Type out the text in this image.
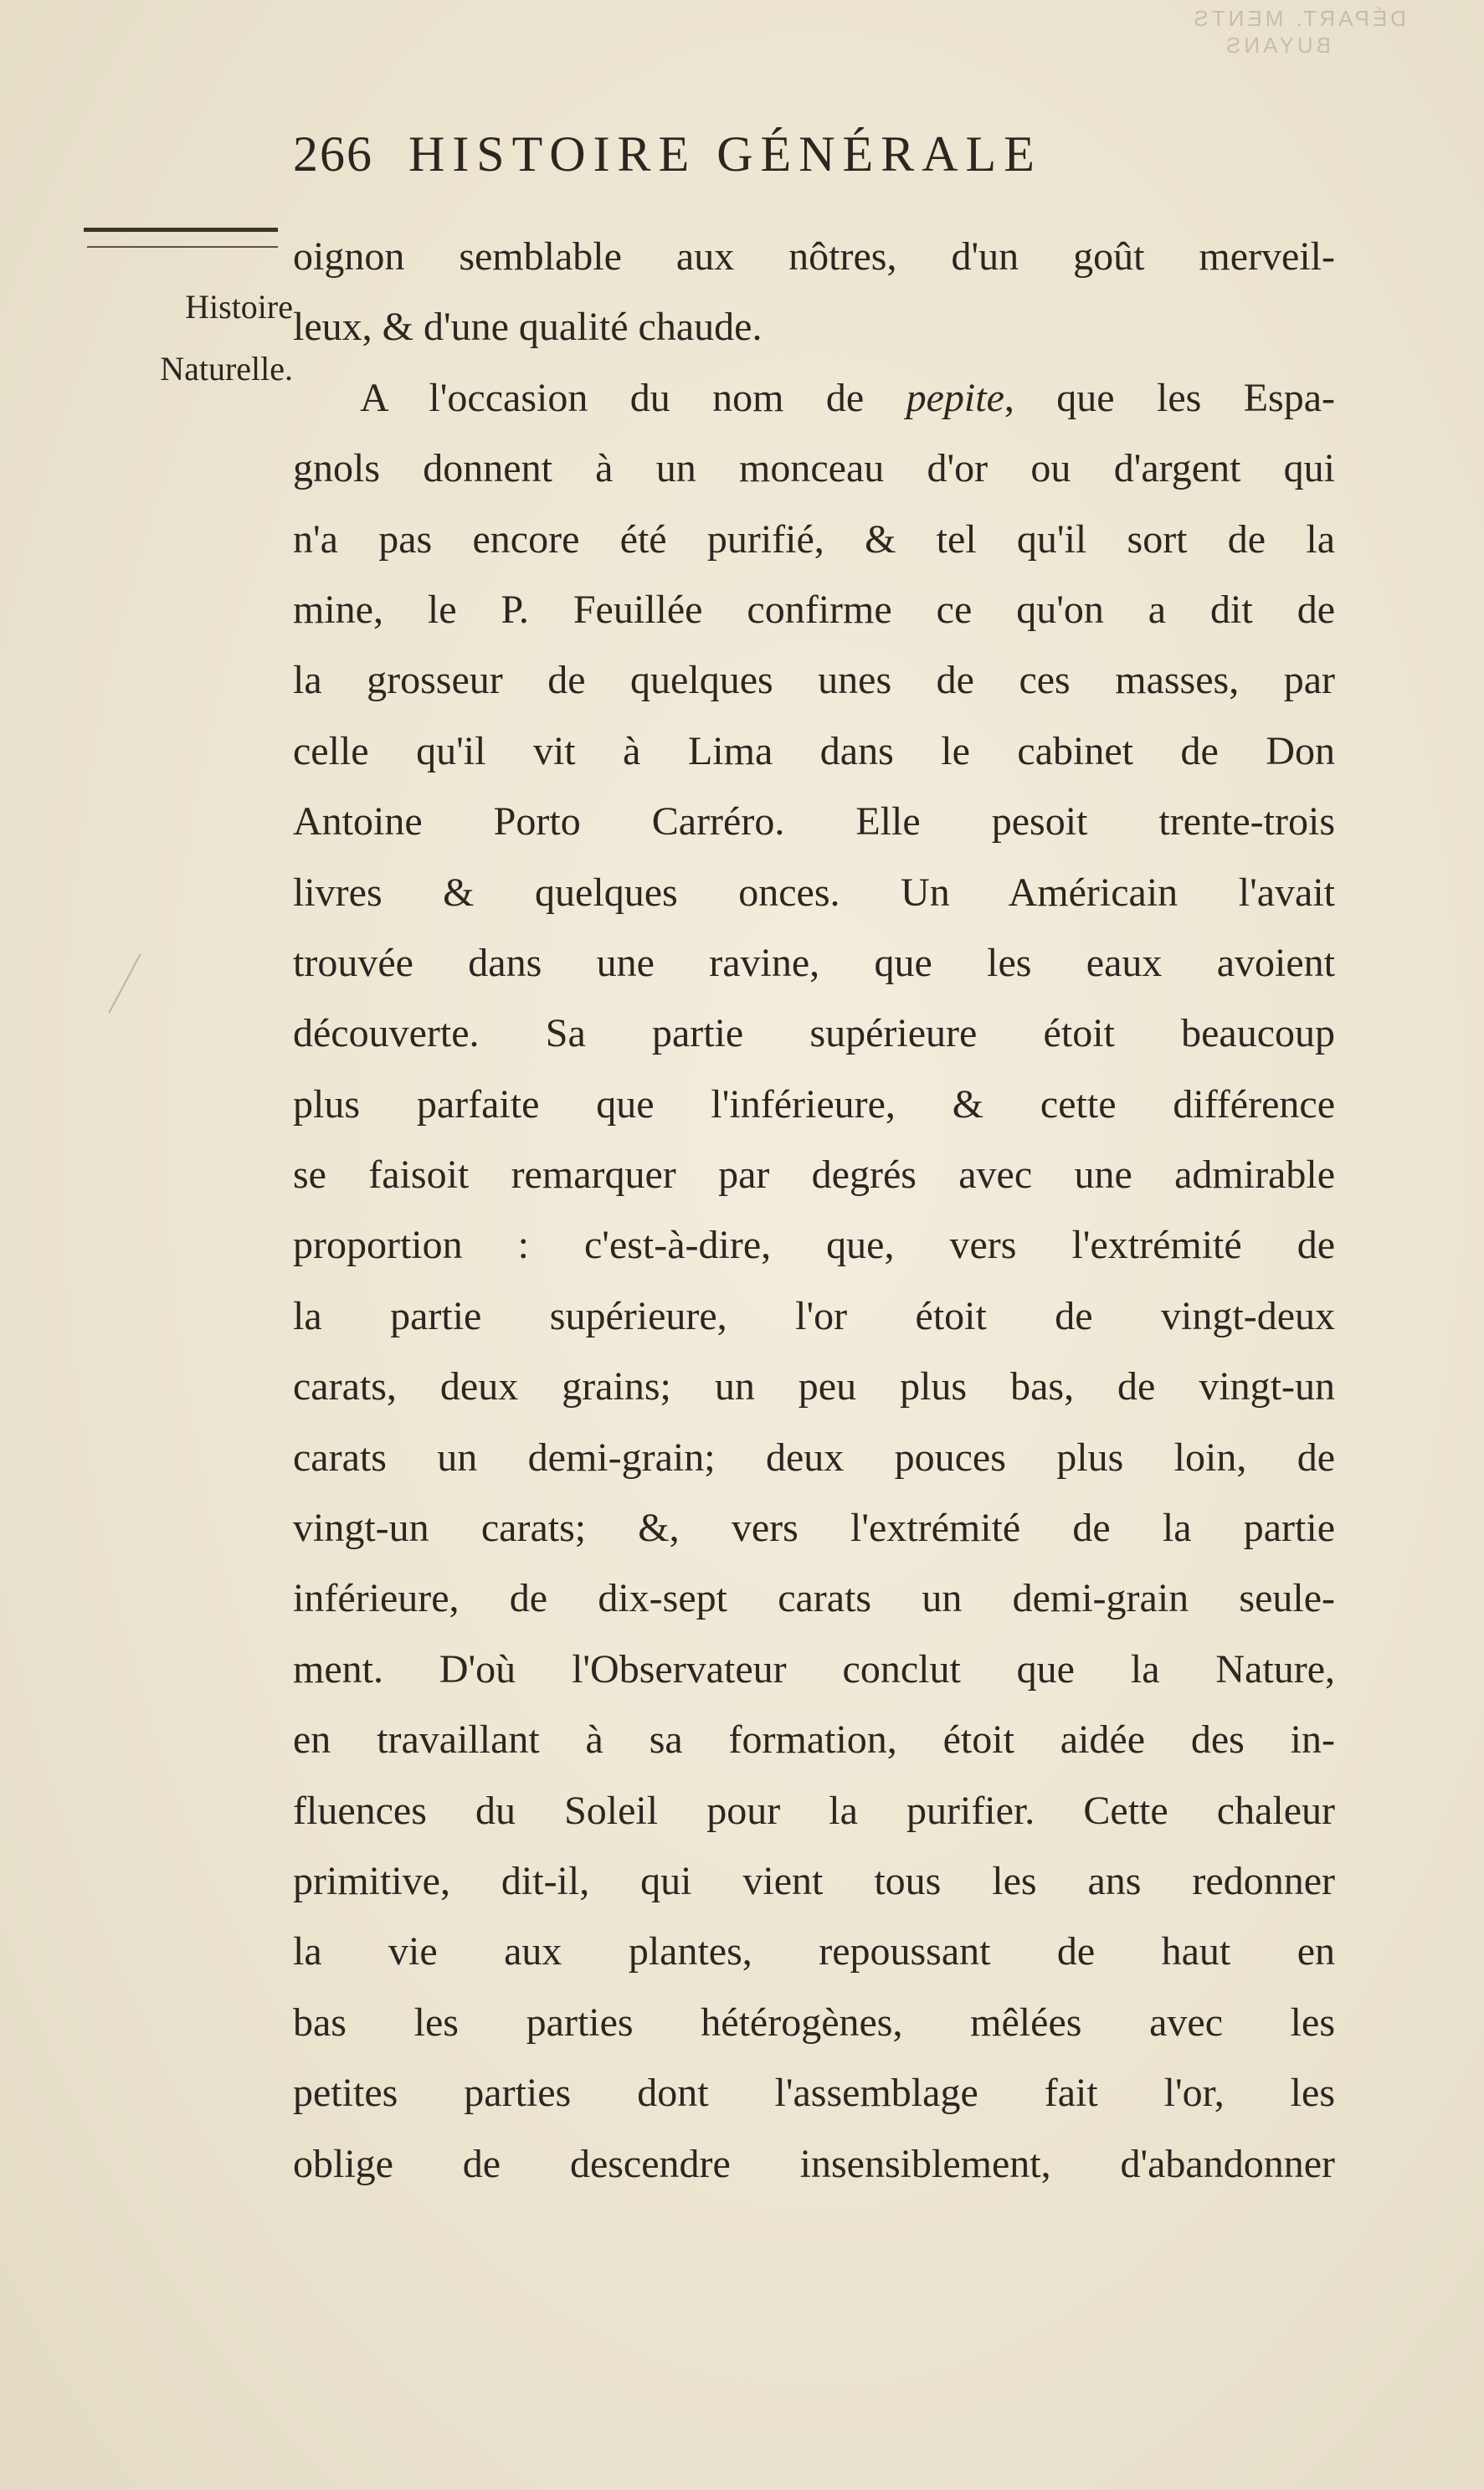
DÉPART. MENTS
BUYANS
266 HISTOIRE GÉNÉRALE
Histoire
Naturelle.
oignon semblable aux nôtres, d'un goût merveil-
leux, & d'une qualité chaude.
A l'occasion du nom de pepite, que les Espa-
gnols donnent à un monceau d'or ou d'argent qui
n'a pas encore été purifié, & tel qu'il sort de la
mine, le P. Feuillée confirme ce qu'on a dit de
la grosseur de quelques unes de ces masses, par
celle qu'il vit à Lima dans le cabinet de Don
Antoine Porto Carréro. Elle pesoit trente-trois
livres & quelques onces. Un Américain l'avait
trouvée dans une ravine, que les eaux avoient
découverte. Sa partie supérieure étoit beaucoup
plus parfaite que l'inférieure, & cette différence
se faisoit remarquer par degrés avec une admirable
proportion : c'est-à-dire, que, vers l'extrémité de
la partie supérieure, l'or étoit de vingt-deux
carats, deux grains; un peu plus bas, de vingt-un
carats un demi-grain; deux pouces plus loin, de
vingt-un carats; &, vers l'extrémité de la partie
inférieure, de dix-sept carats un demi-grain seule-
ment. D'où l'Observateur conclut que la Nature,
en travaillant à sa formation, étoit aidée des in-
fluences du Soleil pour la purifier. Cette chaleur
primitive, dit-il, qui vient tous les ans redonner
la vie aux plantes, repoussant de haut en
bas les parties hétérogènes, mêlées avec les
petites parties dont l'assemblage fait l'or, les
oblige de descendre insensiblement, d'abandonner
